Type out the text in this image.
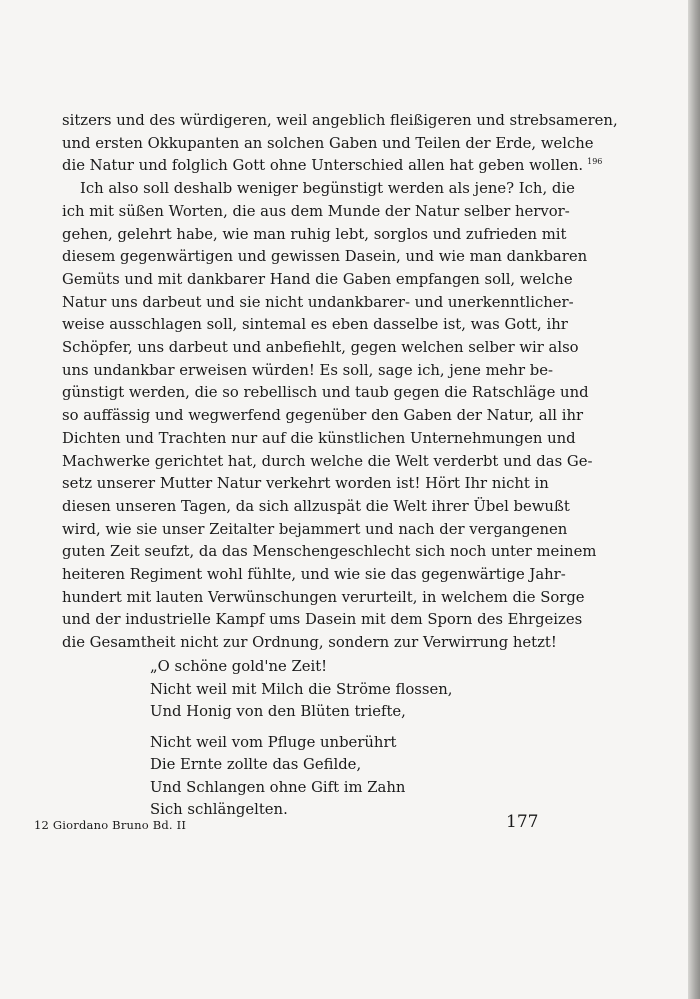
sitzers und des würdigeren, weil angeblich fleißigeren und strebsameren,
und ersten Okkupanten an solchen Gaben und Teilen der Erde, welche
die Natur und folglich Gott ohne Unterschied allen hat geben wollen. $^{196}$
Ich also soll deshalb weniger begünstigt werden als jene? Ich, die
ich mit süßen Worten, die aus dem Munde der Natur selber hervor-
gehen, gelehrt habe, wie man ruhig lebt, sorglos und zufrieden mit
diesem gegenwärtigen und gewissen Dasein, und wie man dankbaren
Gemüts und mit dankbarer Hand die Gaben empfangen soll, welche
Natur uns darbeut und sie nicht undankbarer- und unerkenntlicher-
weise ausschlagen soll, sintemal es eben dasselbe ist, was Gott, ihr
Schöpfer, uns darbeut und anbefiehlt, gegen welchen selber wir also
uns undankbar erweisen würden! Es soll, sage ich, jene mehr be-
günstigt werden, die so rebellisch und taub gegen die Ratschläge und
so auffässig und wegwerfend gegenüber den Gaben der Natur, all ihr
Dichten und Trachten nur auf die künstlichen Unternehmungen und
Machwerke gerichtet hat, durch welche die Welt verderbt und das Ge-
setz unserer Mutter Natur verkehrt worden ist! Hört Ihr nicht in
diesen unseren Tagen, da sich allzuspät die Welt ihrer Übel bewußt
wird, wie sie unser Zeitalter bejammert und nach der vergangenen
guten Zeit seufzt, da das Menschengeschlecht sich noch unter meinem
heiteren Regiment wohl fühlte, und wie sie das gegenwärtige Jahr-
hundert mit lauten Verwünschungen verurteilt, in welchem die Sorge
und der industrielle Kampf ums Dasein mit dem Sporn des Ehrgeizes
die Gesamtheit nicht zur Ordnung, sondern zur Verwirrung hetzt!
„O schöne gold'ne Zeit!
Nicht weil mit Milch die Ströme flossen,
Und Honig von den Blüten triefte,
Nicht weil vom Pfluge unberührt
Die Ernte zollte das Gefilde,
Und Schlangen ohne Gift im Zahn
Sich schlängelten.
12 Giordano Bruno Bd. II	177
